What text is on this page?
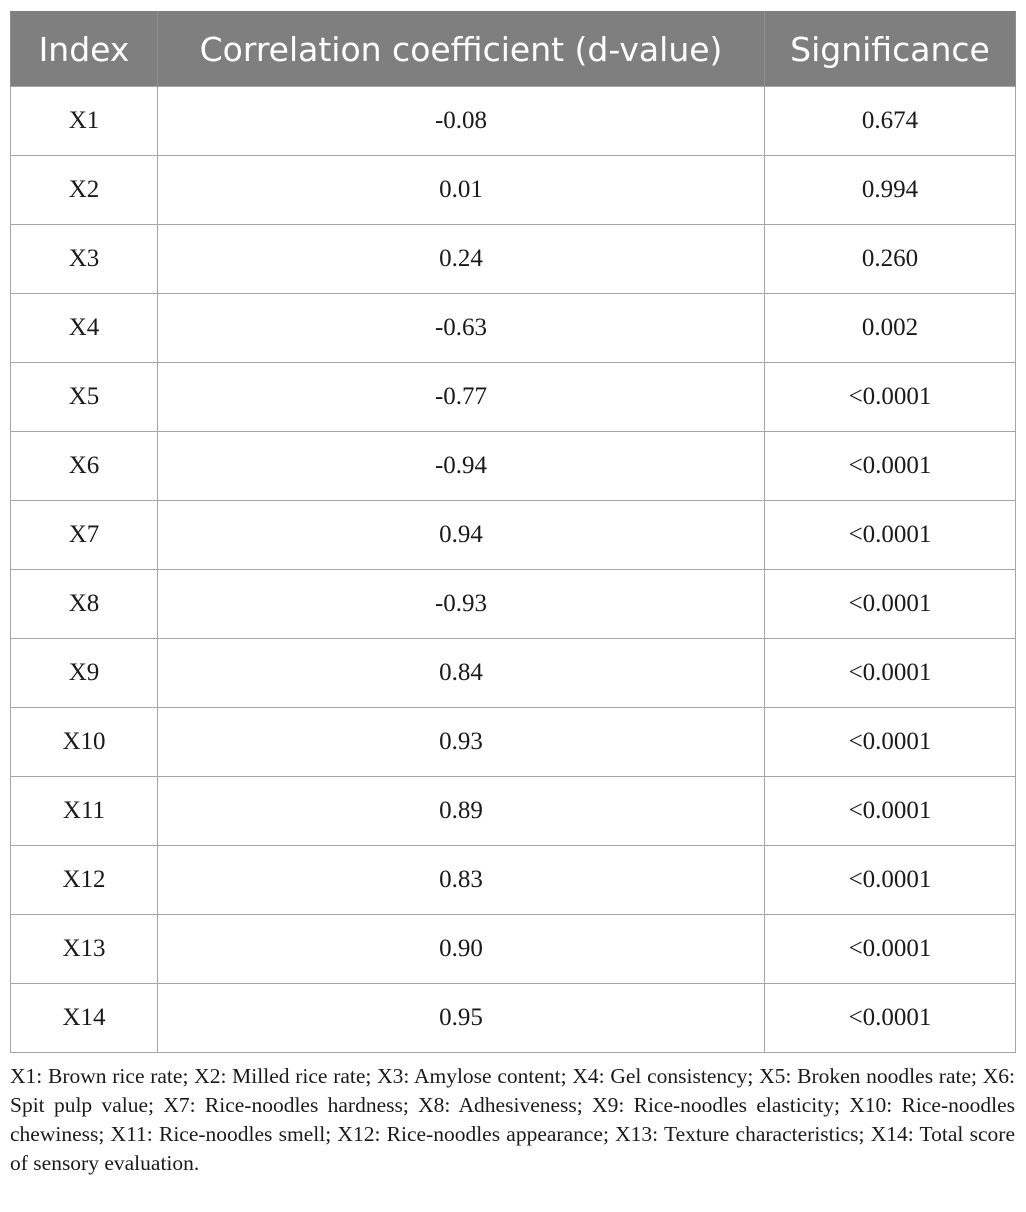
Index	Correlation coefficient (d-value)	Significance
X1	-0.08	0.674
X2	0.01	0.994
X3	0.24	0.260
X4	-0.63	0.002
X5	-0.77	<0.0001
X6	-0.94	<0.0001
X7	0.94	<0.0001
X8	-0.93	<0.0001
X9	0.84	<0.0001
X10	0.93	<0.0001
X11	0.89	<0.0001
X12	0.83	<0.0001
X13	0.90	<0.0001
X14	0.95	<0.0001

X1: Brown rice rate; X2: Milled rice rate; X3: Amylose content; X4: Gel consistency; X5: Broken noodles rate; X6: Spit pulp value; X7: Rice-noodles hardness; X8: Adhesiveness; X9: Rice-noodles elasticity; X10: Rice-noodles chewiness; X11: Rice-noodles smell; X12: Rice-noodles appearance; X13: Texture characteristics; X14: Total score of sensory evaluation.
